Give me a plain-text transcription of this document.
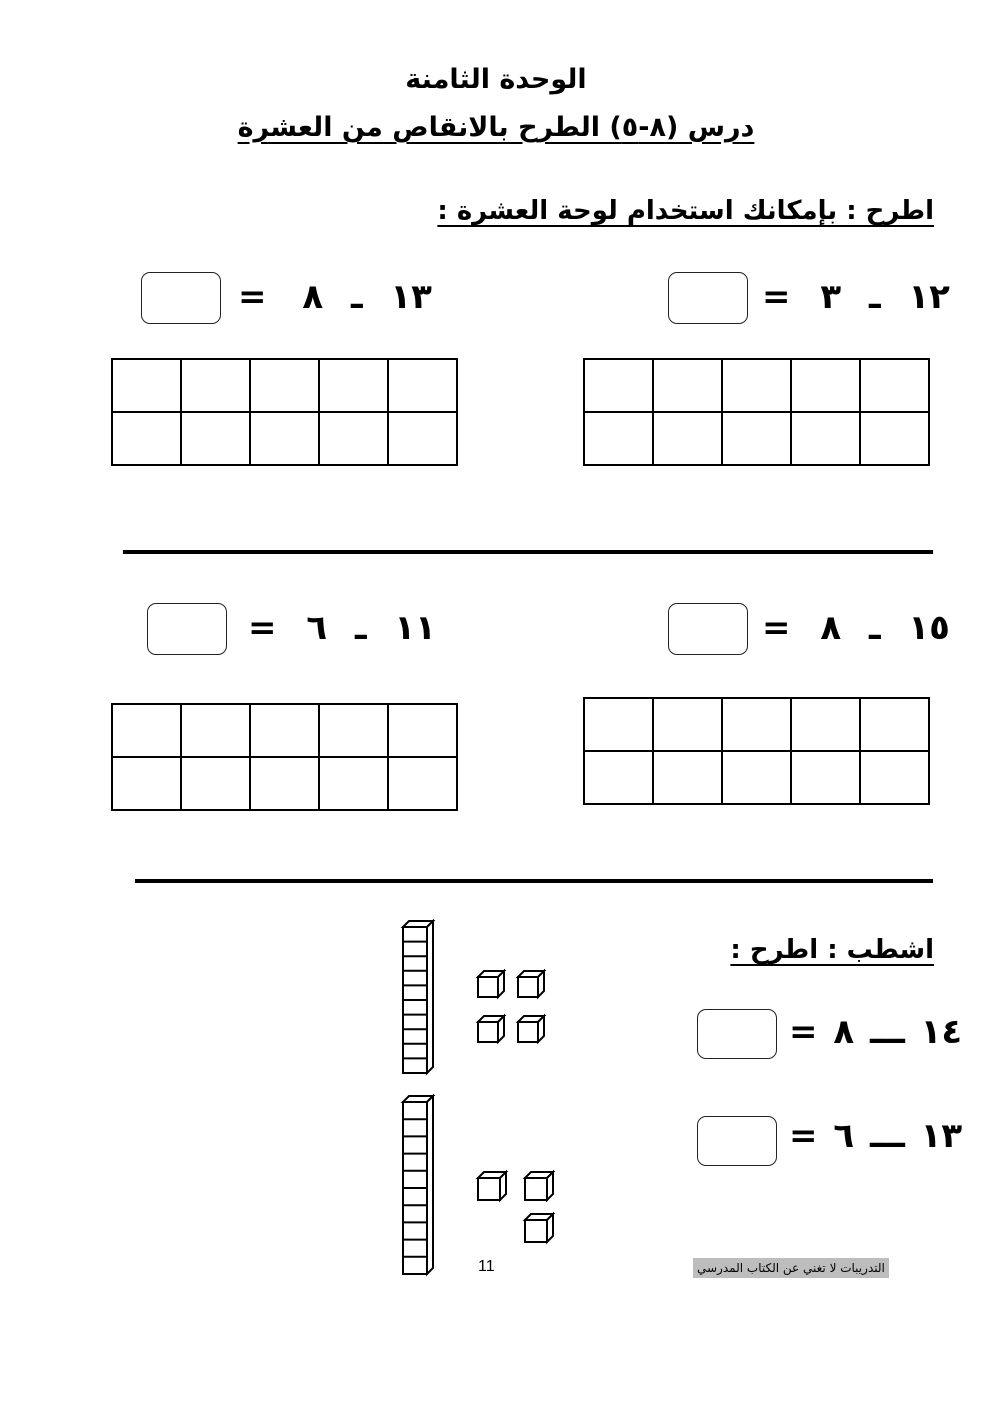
الوحدة الثامنة
درس (٨-٥) الطرح بالانقاص من العشرة
اطرح : بإمكانك استخدام لوحة العشرة :
= ٣ ـ ١٢
= ٨ ـ ١٣

= ٨ ـ ١٥
= ٦ ـ ١١

اشطب : اطرح :
= ٨ ـــ ١٤
= ٦ ـــ ١٣
11	التدريبات لا تغني عن الكتاب المدرسي
